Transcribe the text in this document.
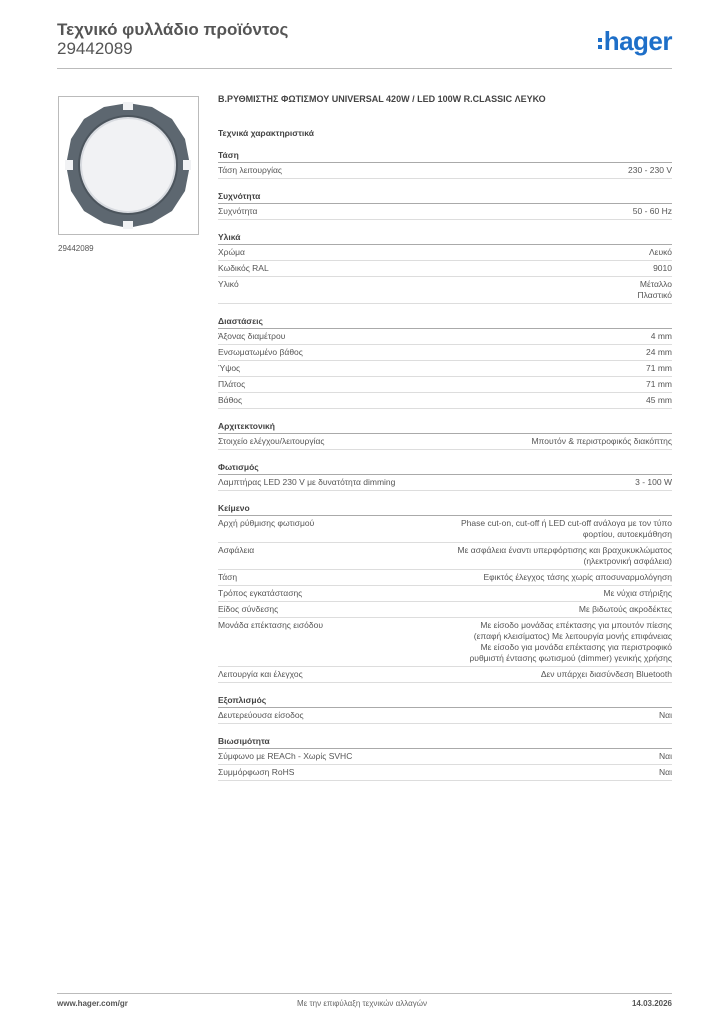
Τεχνικό φυλλάδιο προϊόντος
29442089	hager
29442089
Β.ΡΥΘΜΙΣΤΗΣ ΦΩΤΙΣΜΟΥ UNIVERSAL 420W / LED 100W R.CLASSIC ΛΕΥΚΟ
Τεχνικά χαρακτηριστικά
Τάση
Τάση λειτουργίας	230 - 230 V
Συχνότητα
Συχνότητα	50 - 60 Hz
Υλικά
Χρώμα	Λευκό
Κωδικός RAL	9010
Υλικό	Μέταλλο
Πλαστικό
Διαστάσεις
Άξονας διαμέτρου	4 mm
Ενσωματωμένο βάθος	24 mm
Ύψος	71 mm
Πλάτος	71 mm
Βάθος	45 mm
Αρχιτεκτονική
Στοιχείο ελέγχου/λειτουργίας	Μπουτόν & περιστροφικός διακόπτης
Φωτισμός
Λαμπτήρας LED 230 V με δυνατότητα dimming	3 - 100 W
Κείμενο
Αρχή ρύθμισης φωτισμού	Phase cut-on, cut-off ή LED cut-off ανάλογα με τον τύπο
φορτίου, αυτοεκμάθηση
Ασφάλεια	Με ασφάλεια έναντι υπερφόρτισης και βραχυκυκλώματος
(ηλεκτρονική ασφάλεια)
Τάση	Εφικτός έλεγχος τάσης χωρίς αποσυναρμολόγηση
Τρόπος εγκατάστασης	Με νύχια στήριξης
Είδος σύνδεσης	Με βιδωτούς ακροδέκτες
Μονάδα επέκτασης εισόδου	Με είσοδο μονάδας επέκτασης για μπουτόν πίεσης
(επαφή κλεισίματος) Με λειτουργία μονής επιφάνειας
Με είσοδο για μονάδα επέκτασης για περιστροφικό
ρυθμιστή έντασης φωτισμού (dimmer) γενικής χρήσης
Λειτουργία και έλεγχος	Δεν υπάρχει διασύνδεση Bluetooth
Εξοπλισμός
Δευτερεύουσα είσοδος	Ναι
Βιωσιμότητα
Σύμφωνο με REACh - Χωρίς SVHC	Ναι
Συμμόρφωση RoHS	Ναι
www.hager.com/gr	Με την επιφύλαξη τεχνικών αλλαγών	14.03.2026
